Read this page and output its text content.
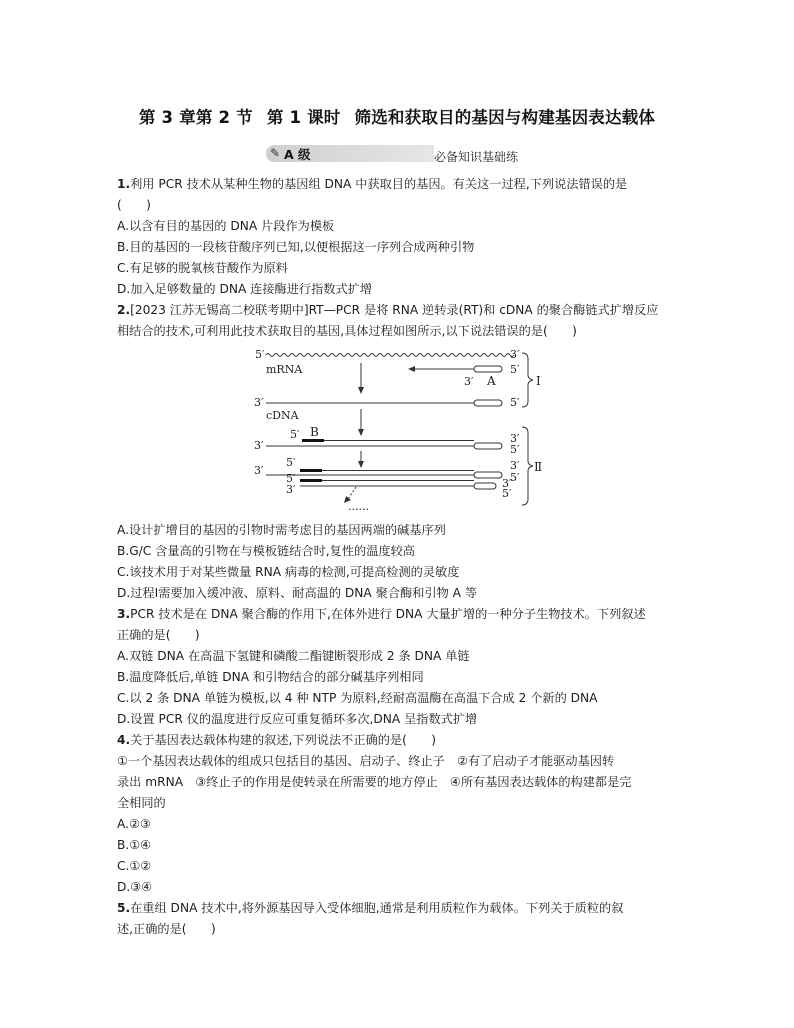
第 3 章第 2 节 第 1 课时 筛选和获取目的基因与构建基因表达载体
✎ A 级	必备知识基础练
1.利用 PCR 技术从某种生物的基因组 DNA 中获取目的基因。有关这一过程,下列说法错误的是
(　　)
A.以含有目的基因的 DNA 片段作为模板
B.目的基因的一段核苷酸序列已知,以便根据这一序列合成两种引物
C.有足够的脱氧核苷酸作为原料
D.加入足够数量的 DNA 连接酶进行指数式扩增
2.[2023 江苏无锡高二校联考期中]RT—PCR 是将 RNA 逆转录(RT)和 cDNA 的聚合酶链式扩增反应
相结合的技术,可利用此技术获取目的基因,具体过程如图所示,以下说法错误的是(　　)
5′	3′
mRNA	5′
3′ A
3′	5′
cDNA
Ⅰ
5′ B
3′
3′
5′
3′
5′	3′
5′
5′
3′	3′
5′
Ⅱ
......
A.设计扩增目的基因的引物时需考虑目的基因两端的碱基序列
B.G/C 含量高的引物在与模板链结合时,复性的温度较高
C.该技术用于对某些微量 RNA 病毒的检测,可提高检测的灵敏度
D.过程Ⅰ需要加入缓冲液、原料、耐高温的 DNA 聚合酶和引物 A 等
3.PCR 技术是在 DNA 聚合酶的作用下,在体外进行 DNA 大量扩增的一种分子生物技术。下列叙述
正确的是(　　)
A.双链 DNA 在高温下氢键和磷酸二酯键断裂形成 2 条 DNA 单链
B.温度降低后,单链 DNA 和引物结合的部分碱基序列相同
C.以 2 条 DNA 单链为模板,以 4 种 NTP 为原料,经耐高温酶在高温下合成 2 个新的 DNA
D.设置 PCR 仪的温度进行反应可重复循环多次,DNA 呈指数式扩增
4.关于基因表达载体构建的叙述,下列说法不正确的是(　　)
①一个基因表达载体的组成只包括目的基因、启动子、终止子　②有了启动子才能驱动基因转
录出 mRNA　③终止子的作用是使转录在所需要的地方停止　④所有基因表达载体的构建都是完
全相同的
A.②③
B.①④
C.①②
D.③④
5.在重组 DNA 技术中,将外源基因导入受体细胞,通常是利用质粒作为载体。下列关于质粒的叙
述,正确的是(　　)
